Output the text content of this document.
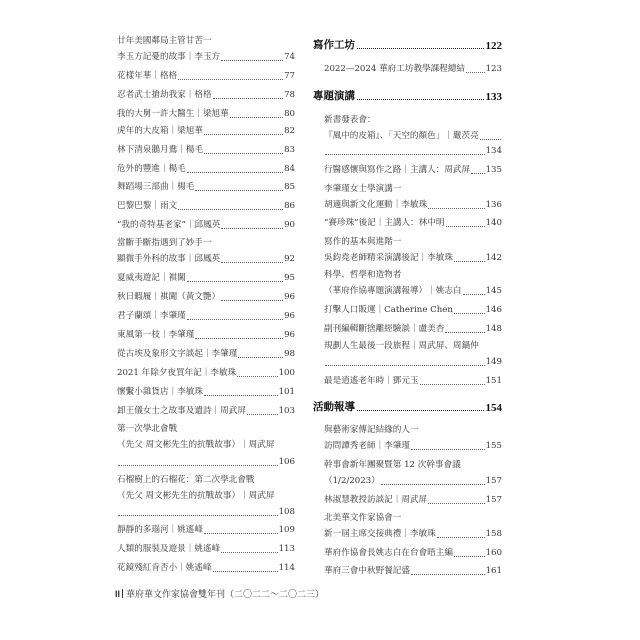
廿年美國鄰局主管甘苦一
李玉方記憂的故事｜李玉方	74
花樣年華｜格格	77
忍者武士搶劫我家｜格格	78
我的大舅一許大醫生｜梁旭華	80
虎年的大皮箱｜梁旭華	82
林下清泉鵝月鴦｜楊毛	83
危外的豐進｜楊毛	84
舞蹈場三部曲｜楊毛	85
巴黎巴黎｜雨文	86
“我的奇特基老家”｜邱鳳英	90
當斷手斷指遇到了妙手一
顯微手外科的故事｜邱鳳英	92
夏威夷遊記｜褀闖	95
秋日暇履｜褀闖（黃文艷）	96
君子蘭頌｜李肇瑾	96
東風第一枝｜李肇瑾	96
從古埃及象形文字談起｜李肇瑾	98
2021 年除夕夜買年記｜李敏珠	100
懷繫小雜貨店｜李敏珠	101
卸王儀女士之故事及遺詩｜周武屏	103
第一次學北會戰
（先父 周文彬先生的抗戰故事）｜周武屏
106
石榴樹上的石榴花：第二次學北會戰
（先父 周文彬先生的抗戰故事）｜周武屏
108
靜靜的多瑙河｜姚遙峰	109
人類的服裝及遊景｜姚遙峰	113
花鏡殘紅肯否小｜姚遙峰	114
寫作工坊	122
2022—2024 華府工坊教學課程總結 123
專題演講	133
新書發表會：
『風中的皮箱』、「天空的顏色」｜嚴茨亮
134
行醫感懷與寫作之路｜主講人：周武屏 135
李肇瑾女士學演講一
胡適與新文化運動｜李敏珠	136
“賽珍珠”後記｜主講人：林中明	140
寫作的基本與進階一
吳鈞堯老師精采演講後記｜李敏珠	142
科學、哲學和造物者
（華府作協專題演講報導）｜姚志白	145
打擊人口販運｜Catherine Chen	146
副刊編輯斷捨離經驗談｜盧美杏	148
規劃人生最後一段旅程｜周武屏、周鍋仲
149
最是逍遙老年時｜鄧元玉	151
活動報導	154
與藝術家傳記結緣的人一
訪問譚秀老師｜李肇瑾	155
幹事會新年團聚暨第 12 次幹事會議
（1/2/2023）	157
林淑慧教授訪談記｜周武屏	157
北美華文作家協會一
新一屆主席交接典禮｜李敏珠	158
華府作協會長姚志白在台會晤主編	160
華府三會中秋野餐記盛	161
II 華府華文作家協會雙年刊（二〇二二～二〇二三）
